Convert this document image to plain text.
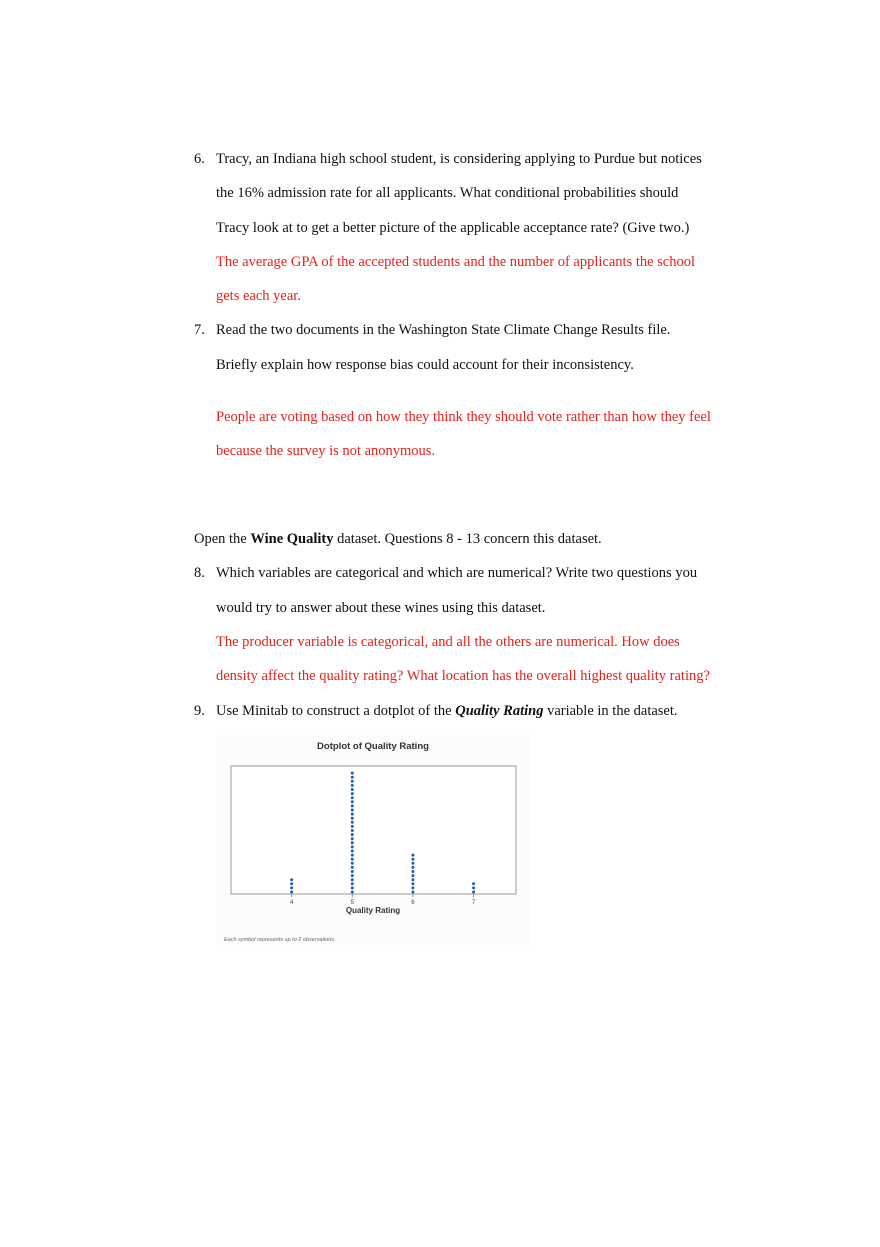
6. Tracy, an Indiana high school student, is considering applying to Purdue but notices
the 16% admission rate for all applicants. What conditional probabilities should
Tracy look at to get a better picture of the applicable acceptance rate? (Give two.)
The average GPA of the accepted students and the number of applicants the school
gets each year.
7. Read the two documents in the Washington State Climate Change Results file.
Briefly explain how response bias could account for their inconsistency.
People are voting based on how they think they should vote rather than how they feel
because the survey is not anonymous.
Open the Wine Quality dataset. Questions 8 - 13 concern this dataset.
8. Which variables are categorical and which are numerical? Write two questions you
would try to answer about these wines using this dataset.
The producer variable is categorical, and all the others are numerical. How does
density affect the quality rating? What location has the overall highest quality rating?
9. Use Minitab to construct a dotplot of the Quality Rating variable in the dataset.
Dotplot of Quality Rating
4	5	6	7
Quality Rating
Each symbol represents up to 2 observations.
